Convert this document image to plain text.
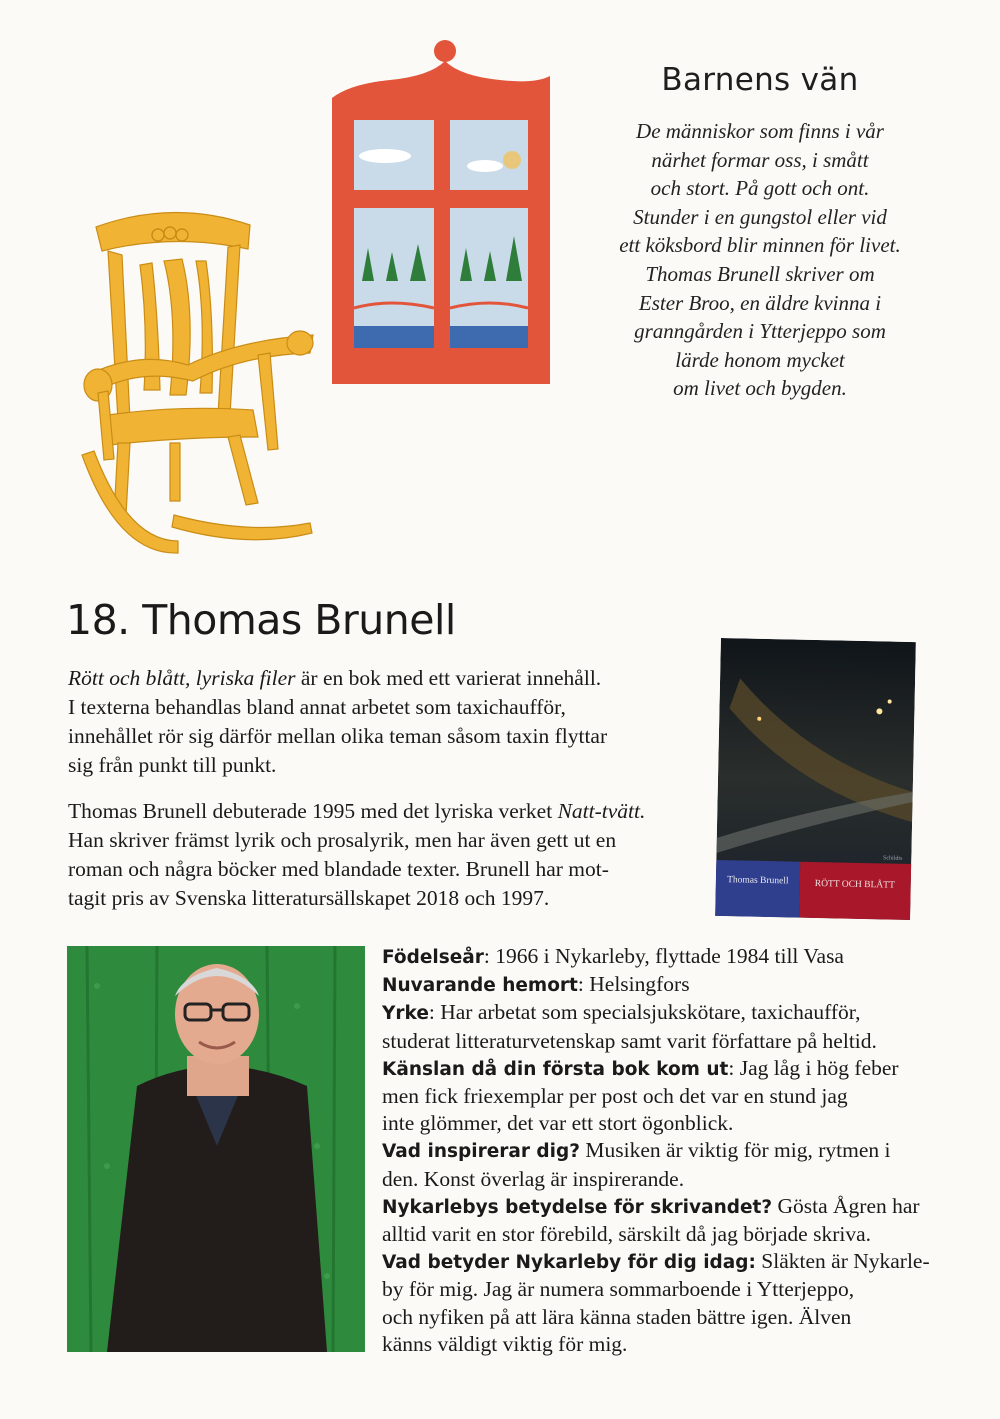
Barnens vän
De människor som finns i vår
närhet formar oss, i smått
och stort. På gott och ont.
Stunder i en gungstol eller vid
ett köksbord blir minnen för livet.
Thomas Brunell skriver om
Ester Broo, en äldre kvinna i
granngården i Ytterjeppo som
lärde honom mycket
om livet och bygden.
18. Thomas Brunell
Rött och blått, lyriska filer är en bok med ett varierat innehåll.
I texterna behandlas bland annat arbetet som taxichaufför,
innehållet rör sig därför mellan olika teman såsom taxin flyttar
sig från punkt till punkt.
Thomas Brunell debuterade 1995 med det lyriska verket Natt-tvätt.
Han skriver främst lyrik och prosalyrik, men har även gett ut en
roman och några böcker med blandade texter. Brunell har mot-
tagit pris av Svenska litteratursällskapet 2018 och 1997.
Thomas Brunell	RÖTT OCH BLÅTT
Schildts
Födelseår: 1966 i Nykarleby, flyttade 1984 till Vasa
Nuvarande hemort: Helsingfors
Yrke: Har arbetat som specialsjukskötare, taxichaufför,
studerat litteraturvetenskap samt varit författare på heltid.
Känslan då din första bok kom ut: Jag låg i hög feber
men fick friexemplar per post och det var en stund jag
inte glömmer, det var ett stort ögonblick.
Vad inspirerar dig? Musiken är viktig för mig, rytmen i
den. Konst överlag är inspirerande.
Nykarlebys betydelse för skrivandet? Gösta Ågren har
alltid varit en stor förebild, särskilt då jag började skriva.
Vad betyder Nykarleby för dig idag: Släkten är Nykarle-
by för mig. Jag är numera sommarboende i Ytterjeppo,
och nyfiken på att lära känna staden bättre igen. Älven
känns väldigt viktig för mig.
